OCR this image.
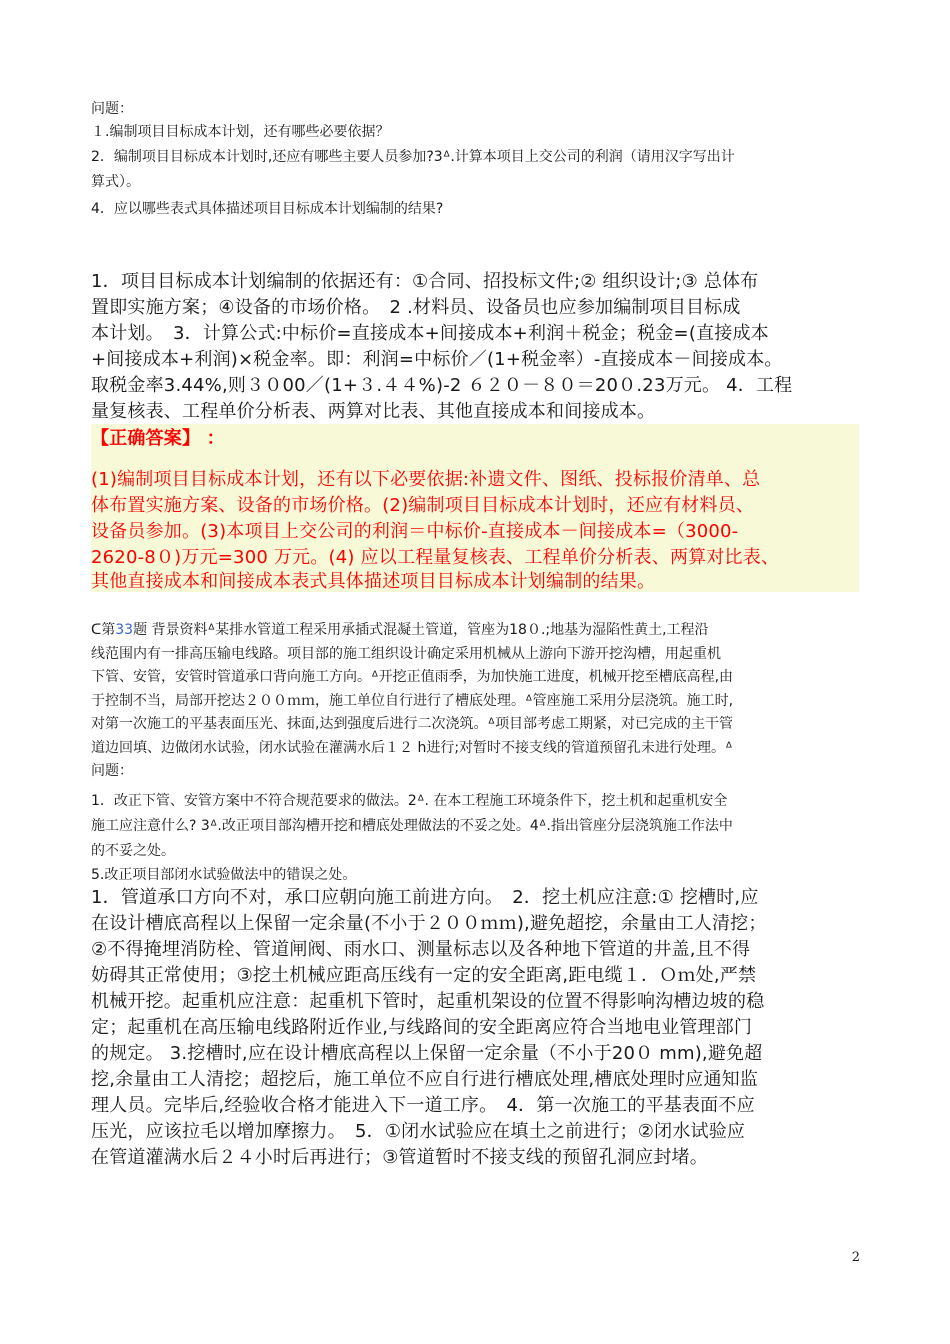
问题：

１.编制项目目标成本计划，还有哪些必要依据？

2．编制项目目标成本计划时,还应有哪些主要人员参加?3ᐞ.计算本项目上交公司的利润（请用汉字写出计

算式）。

4．应以哪些表式具体描述项目目标成本计划编制的结果?

1．项目目标成本计划编制的依据还有：①合同、招投标文件;② 组织设计;③ 总体布

置即实施方案；④设备的市场价格。　2 .材料员、设备员也应参加编制项目目标成

本计划。　3．计算公式:中标价=直接成本+间接成本+利润＋税金；税金=(直接成本

+间接成本+利润)×税金率。即：利润=中标价／(1+税金率）-直接成本－间接成本。

取税金率3.44%,则３０00／(1+３.４４%)-2 ６２０－８０＝20０.23万元。 4．工程

量复核表、工程单价分析表、两算对比表、其他直接成本和间接成本。

【正确答案】 ：

(1)编制项目目标成本计划，还有以下必要依据:补遗文件、图纸、投标报价清单、总

体布置实施方案、设备的市场价格。(2)编制项目目标成本计划时，还应有材料员、

设备员参加。(3)本项目上交公司的利润＝中标价-直接成本－间接成本=（3000-

2620-8０)万元=300 万元。(4) 应以工程量复核表、工程单价分析表、两算对比表、

其他直接成本和间接成本表式具体描述项目目标成本计划编制的结果。

ᑕ第33题 背景资料ᐞ某排水管道工程采用承插式混凝土管道，管座为18０.;地基为湿陷性黄土,工程沿

线范围内有一排高压输电线路。项目部的施工组织设计确定采用机械从上游向下游开挖沟槽，用起重机

下管、安管，安管时管道承口背向施工方向。ᐞ开挖正值雨季，为加快施工进度，机械开挖至槽底高程,由

于控制不当，局部开挖达２００ｍｍ，施工单位自行进行了槽底处理。ᐞ管座施工采用分层浇筑。施工时,

对第一次施工的平基表面压光、抹面,达到强度后进行二次浇筑。ᐞ项目部考虑工期紧，对已完成的主干管

道边回填、边做闭水试验，闭水试验在灌满水后１２ h进行;对暂时不接支线的管道预留孔未进行处理。ᐞ

问题：

1．改正下管、安管方案中不符合规范要求的做法。2ᐞ. 在本工程施工环境条件下，挖土机和起重机安全

施工应注意什么? 3ᐞ.改正项目部沟槽开挖和槽底处理做法的不妥之处。4ᐞ.指出管座分层浇筑施工作法中

的不妥之处。

5.改正项目部闭水试验做法中的错误之处。

1．管道承口方向不对，承口应朝向施工前进方向。　2．挖土机应注意:① 挖槽时,应

在设计槽底高程以上保留一定余量(不小于２００ｍｍ),避免超挖，余量由工人清挖；

②不得掩埋消防栓、管道闸阀、雨水口、测量标志以及各种地下管道的井盖,且不得

妨碍其正常使用；③挖土机械应距高压线有一定的安全距离,距电缆１．Ｏｍ处,严禁

机械开挖。起重机应注意：起重机下管时，起重机架设的位置不得影响沟槽边坡的稳

定；起重机在高压输电线路附近作业,与线路间的安全距离应符合当地电业管理部门

的规定。 3.挖槽时,应在设计槽底高程以上保留一定余量（不小于20０ mm),避免超

挖,余量由工人清挖；超挖后，施工单位不应自行进行槽底处理,槽底处理时应通知监

理人员。完毕后,经验收合格才能进入下一道工序。　4．第一次施工的平基表面不应

压光，应该拉毛以增加摩擦力。　5．①闭水试验应在填土之前进行；②闭水试验应

在管道灌满水后２４小时后再进行；③管道暂时不接支线的预留孔洞应封堵。

2
